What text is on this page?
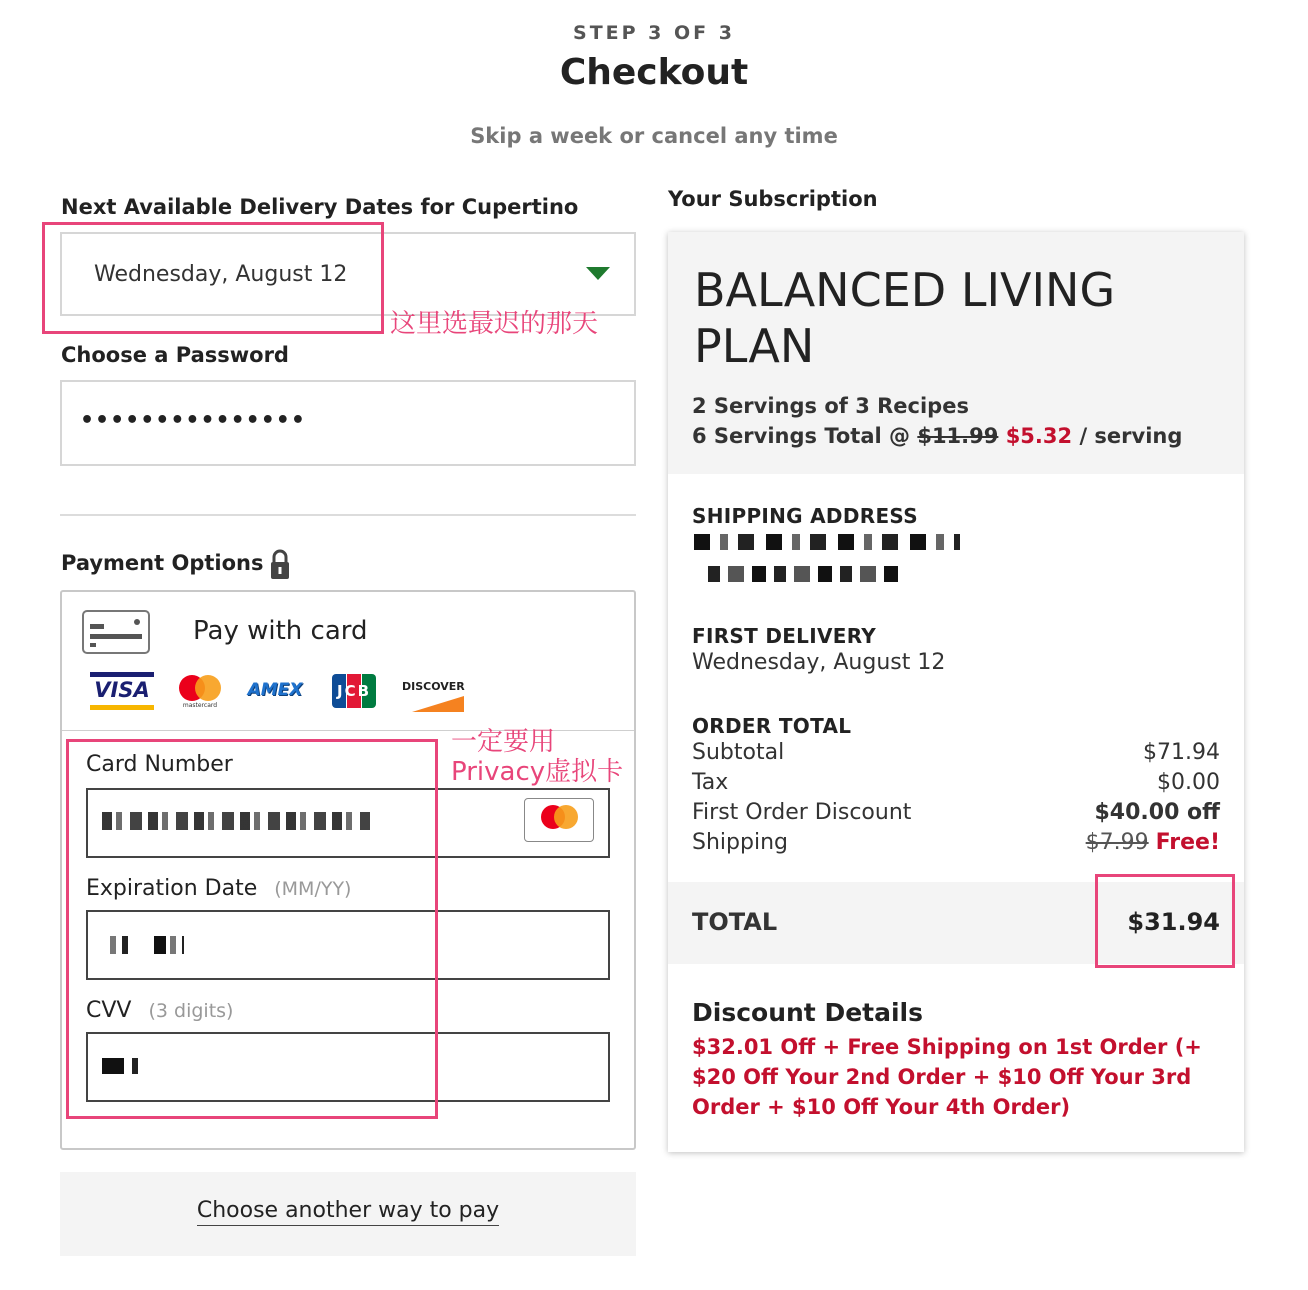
STEP 3 OF 3
Checkout
Skip a week or cancel any time
Next Available Delivery Dates for Cupertino
Wednesday, August 12
这里选最迟的那天
Choose a Password
•••••••••••••••
Payment Options
Pay with card
VISA
mastercard
AMEX	JCB	DISCOVER
Card Number
Expiration Date (MM/YY)
CVV (3 digits)
一定要用
Privacy虚拟卡
Choose another way to pay
Your Subscription
BALANCED LIVING
PLAN
2 Servings of 3 Recipes
6 Servings Total @ $11.99 $5.32 / serving
SHIPPING ADDRESS
FIRST DELIVERY
Wednesday, August 12
ORDER TOTAL
Subtotal	$71.94
Tax	$0.00
First Order Discount	$40.00 off
Shipping	$7.99 Free!
TOTAL	$31.94
Discount Details
$32.01 Off + Free Shipping on 1st Order (+ $20 Off Your 2nd Order + $10 Off Your 3rd Order + $10 Off Your 4th Order)
